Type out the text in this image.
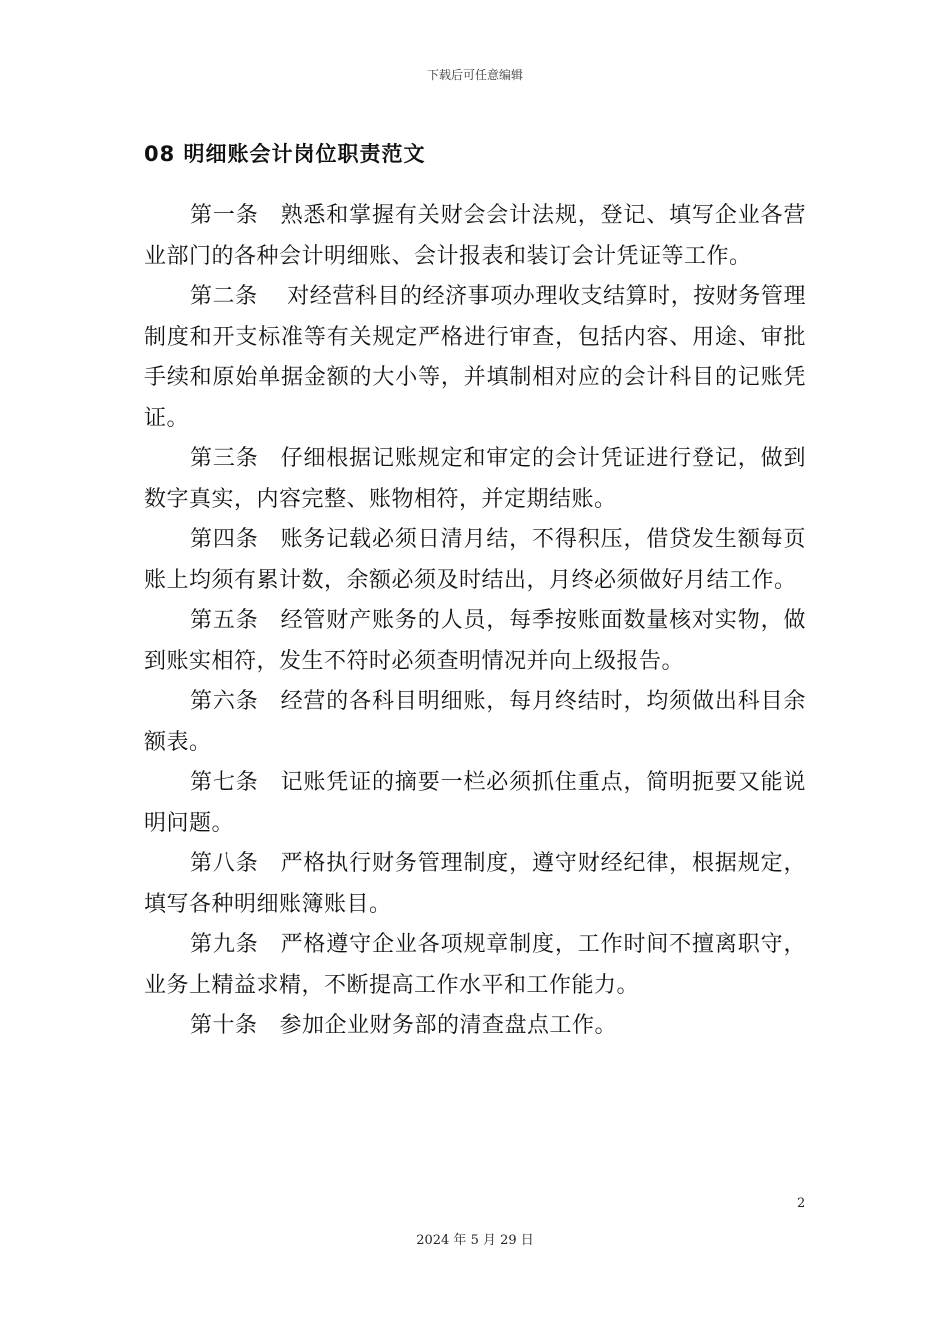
下载后可任意编辑
08 明细账会计岗位职责范文

第一条 熟悉和掌握有关财会会计法规，登记、填写企业各营业部门的各种会计明细账、会计报表和装订会计凭证等工作。

第二条 对经营科目的经济事项办理收支结算时，按财务管理制度和开支标准等有关规定严格进行审查，包括内容、用途、审批手续和原始单据金额的大小等，并填制相对应的会计科目的记账凭证。

第三条 仔细根据记账规定和审定的会计凭证进行登记，做到数字真实，内容完整、账物相符，并定期结账。

第四条 账务记载必须日清月结，不得积压，借贷发生额每页账上均须有累计数，余额必须及时结出，月终必须做好月结工作。

第五条 经管财产账务的人员，每季按账面数量核对实物，做到账实相符，发生不符时必须查明情况并向上级报告。

第六条 经营的各科目明细账，每月终结时，均须做出科目余额表。

第七条 记账凭证的摘要一栏必须抓住重点，简明扼要又能说明问题。

第八条 严格执行财务管理制度，遵守财经纪律，根据规定，填写各种明细账簿账目。

第九条 严格遵守企业各项规章制度，工作时间不擅离职守，业务上精益求精，不断提高工作水平和工作能力。

第十条 参加企业财务部的清查盘点工作。

2
2024 年 5 月 29 日
